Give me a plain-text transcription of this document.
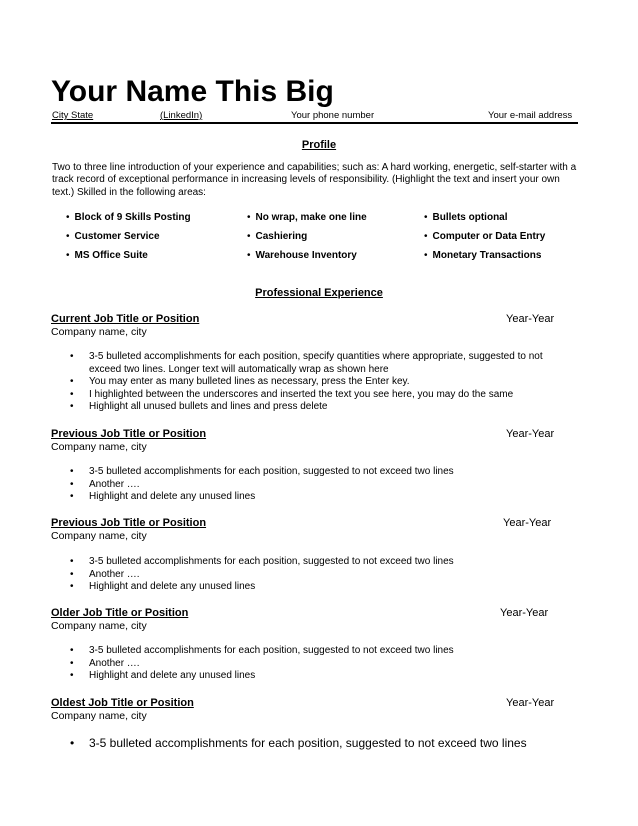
Your Name This Big
City State	(LinkedIn)	Your phone number	Your e-mail address
Profile
Two to three line introduction of your experience and capabilities; such as: A hard working, energetic, self-starter with a track record of exceptional performance in increasing levels of responsibility. (Highlight the text and insert your own text.) Skilled in the following areas:
• Block of 9 Skills Posting	• No wrap, make one line	• Bullets optional
• Customer Service	• Cashiering	• Computer or Data Entry
• MS Office Suite	• Warehouse Inventory	• Monetary Transactions
Professional Experience
Current Job Title or Position	Year-Year
Company name, city
• 3-5 bulleted accomplishments for each position, specify quantities where appropriate, suggested to not exceed two lines. Longer text will automatically wrap as shown here
• You may enter as many bulleted lines as necessary, press the Enter key.
• I highlighted between the underscores and inserted the text you see here, you may do the same
• Highlight all unused bullets and lines and press delete
Previous Job Title or Position	Year-Year
Company name, city
• 3-5 bulleted accomplishments for each position, suggested to not exceed two lines
• Another ….
• Highlight and delete any unused lines
Previous Job Title or Position	Year-Year
Company name, city
• 3-5 bulleted accomplishments for each position, suggested to not exceed two lines
• Another ….
• Highlight and delete any unused lines
Older Job Title or Position	Year-Year
Company name, city
• 3-5 bulleted accomplishments for each position, suggested to not exceed two lines
• Another ….
• Highlight and delete any unused lines
Oldest Job Title or Position	Year-Year
Company name, city
• 3-5 bulleted accomplishments for each position, suggested to not exceed two lines
